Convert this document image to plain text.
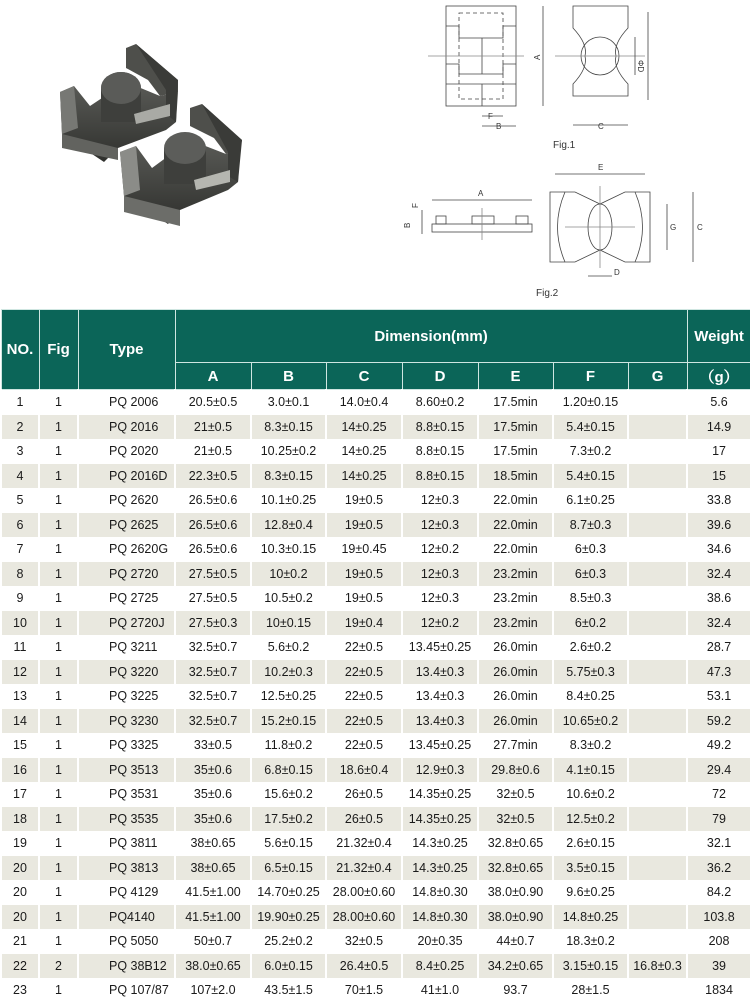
A
F
B
ΦD
C
Fig.1
A
B
F
E
G	C
D
Fig.2
NO.	Fig	Type	Dimension(mm)							Weight
			A	B	C	D	E	F	G	（g）
1	1	PQ 2006	20.5±0.5	3.0±0.1	14.0±0.4	8.60±0.2	17.5min	1.20±0.15		5.6
2	1	PQ 2016	21±0.5	8.3±0.15	14±0.25	8.8±0.15	17.5min	5.4±0.15		14.9
3	1	PQ 2020	21±0.5	10.25±0.2	14±0.25	8.8±0.15	17.5min	7.3±0.2		17
4	1	PQ 2016D	22.3±0.5	8.3±0.15	14±0.25	8.8±0.15	18.5min	5.4±0.15		15
5	1	PQ 2620	26.5±0.6	10.1±0.25	19±0.5	12±0.3	22.0min	6.1±0.25		33.8
6	1	PQ 2625	26.5±0.6	12.8±0.4	19±0.5	12±0.3	22.0min	8.7±0.3		39.6
7	1	PQ 2620G	26.5±0.6	10.3±0.15	19±0.45	12±0.2	22.0min	6±0.3		34.6
8	1	PQ 2720	27.5±0.5	10±0.2	19±0.5	12±0.3	23.2min	6±0.3		32.4
9	1	PQ 2725	27.5±0.5	10.5±0.2	19±0.5	12±0.3	23.2min	8.5±0.3		38.6
10	1	PQ 2720J	27.5±0.3	10±0.15	19±0.4	12±0.2	23.2min	6±0.2		32.4
11	1	PQ 3211	32.5±0.7	5.6±0.2	22±0.5	13.45±0.25	26.0min	2.6±0.2		28.7
12	1	PQ 3220	32.5±0.7	10.2±0.3	22±0.5	13.4±0.3	26.0min	5.75±0.3		47.3
13	1	PQ 3225	32.5±0.7	12.5±0.25	22±0.5	13.4±0.3	26.0min	8.4±0.25		53.1
14	1	PQ 3230	32.5±0.7	15.2±0.15	22±0.5	13.4±0.3	26.0min	10.65±0.2		59.2
15	1	PQ 3325	33±0.5	11.8±0.2	22±0.5	13.45±0.25	27.7min	8.3±0.2		49.2
16	1	PQ 3513	35±0.6	6.8±0.15	18.6±0.4	12.9±0.3	29.8±0.6	4.1±0.15		29.4
17	1	PQ 3531	35±0.6	15.6±0.2	26±0.5	14.35±0.25	32±0.5	10.6±0.2		72
18	1	PQ 3535	35±0.6	17.5±0.2	26±0.5	14.35±0.25	32±0.5	12.5±0.2		79
19	1	PQ 3811	38±0.65	5.6±0.15	21.32±0.4	14.3±0.25	32.8±0.65	2.6±0.15		32.1
20	1	PQ 3813	38±0.65	6.5±0.15	21.32±0.4	14.3±0.25	32.8±0.65	3.5±0.15		36.2
20	1	PQ 4129	41.5±1.00	14.70±0.25	28.00±0.60	14.8±0.30	38.0±0.90	9.6±0.25		84.2
20	1	PQ4140	41.5±1.00	19.90±0.25	28.00±0.60	14.8±0.30	38.0±0.90	14.8±0.25		103.8
21	1	PQ 5050	50±0.7	25.2±0.2	32±0.5	20±0.35	44±0.7	18.3±0.2		208
22	2	PQ 38B12	38.0±0.65	6.0±0.15	26.4±0.5	8.4±0.25	34.2±0.65	3.15±0.15	16.8±0.3	39
23	1	PQ 107/87	107±2.0	43.5±1.5	70±1.5	41±1.0	93.7	28±1.5		1834
